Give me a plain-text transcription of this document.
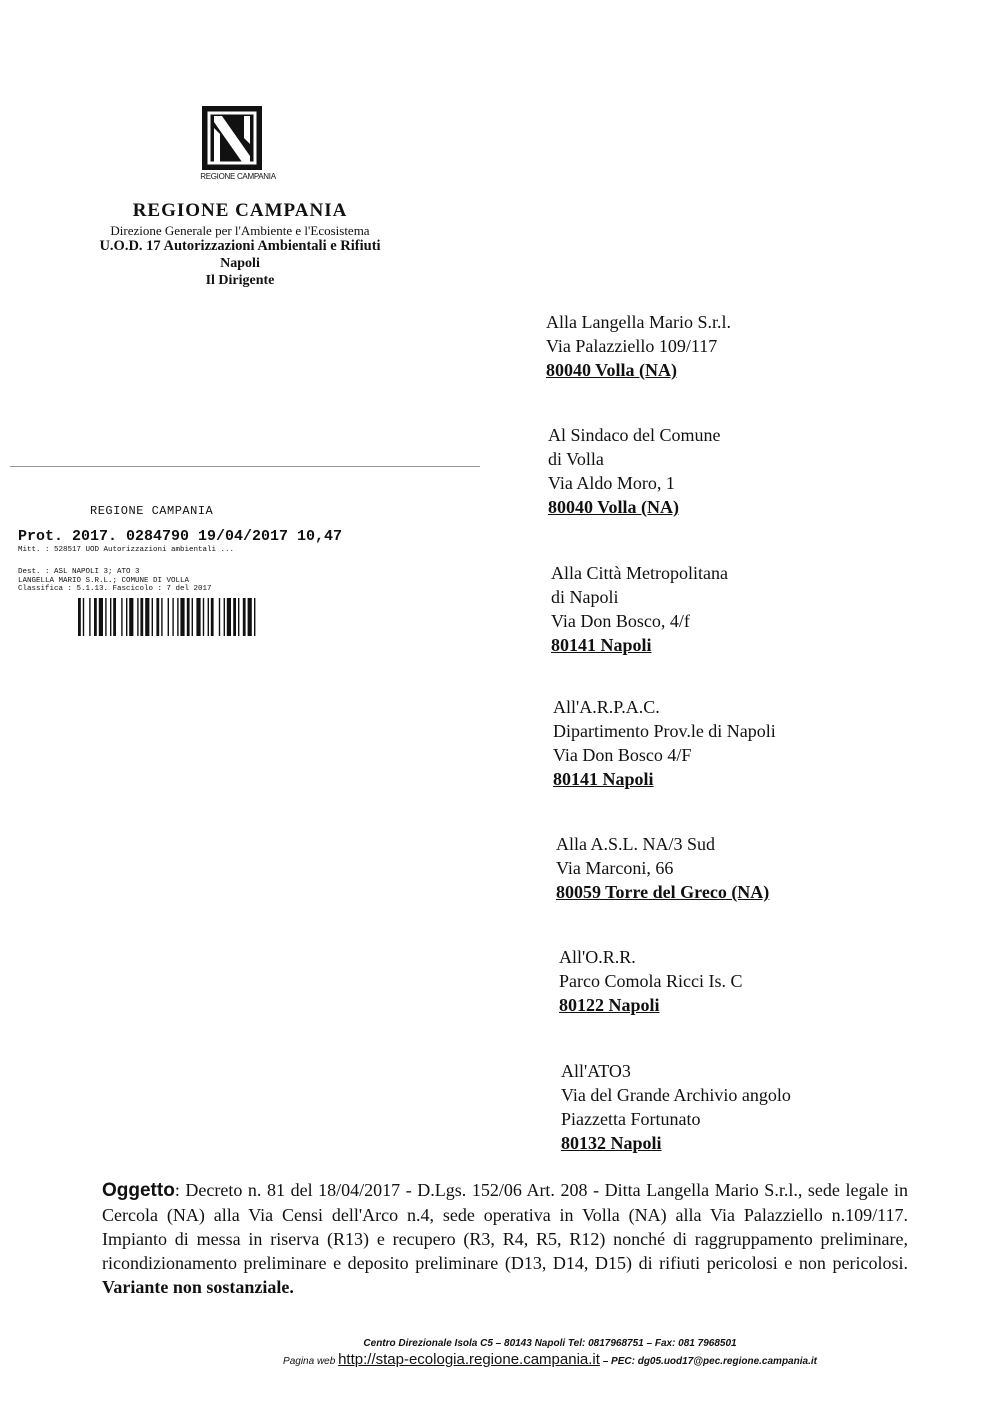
REGIONE CAMPANIA
REGIONE CAMPANIA
Direzione Generale per l'Ambiente e l'Ecosistema
U.O.D. 17 Autorizzazioni Ambientali e Rifiuti
Napoli
Il Dirigente
Alla Langella Mario S.r.l.
Via Palazziello 109/117
80040 Volla (NA)
Al Sindaco del Comune
di Volla
Via Aldo Moro, 1
80040 Volla (NA)
Alla Città Metropolitana
di Napoli
Via Don Bosco, 4/f
80141 Napoli
All'A.R.P.A.C.
Dipartimento Prov.le di Napoli
Via Don Bosco 4/F
80141 Napoli
Alla A.S.L. NA/3 Sud
Via Marconi, 66
80059 Torre del Greco (NA)
All'O.R.R.
Parco Comola Ricci Is. C
80122 Napoli
All'ATO3
Via del Grande Archivio angolo
Piazzetta Fortunato
80132 Napoli
REGIONE CAMPANIA
Prot. 2017. 0284790 19/04/2017 10,47
Mitt. : 528517 UOD Autorizzazioni ambientali ...
Dest. : ASL NAPOLI 3; ATO 3
LANGELLA MARIO S.R.L.; COMUNE DI VOLLA
Classifica : 5.1.13. Fascicolo : 7 del 2017
Oggetto: Decreto n. 81 del 18/04/2017 - D.Lgs. 152/06 Art. 208 - Ditta Langella Mario S.r.l., sede legale in Cercola (NA) alla Via Censi dell'Arco n.4, sede operativa in Volla (NA) alla Via Palazziello n.109/117. Impianto di messa in riserva (R13) e recupero (R3, R4, R5, R12) nonché di raggruppamento preliminare, ricondizionamento preliminare e deposito preliminare (D13, D14, D15) di rifiuti pericolosi e non pericolosi. Variante non sostanziale.
Centro Direzionale Isola C5 – 80143 Napoli Tel: 0817968751 – Fax: 081 7968501
Pagina web http://stap-ecologia.regione.campania.it – PEC: dg05.uod17@pec.regione.campania.it
